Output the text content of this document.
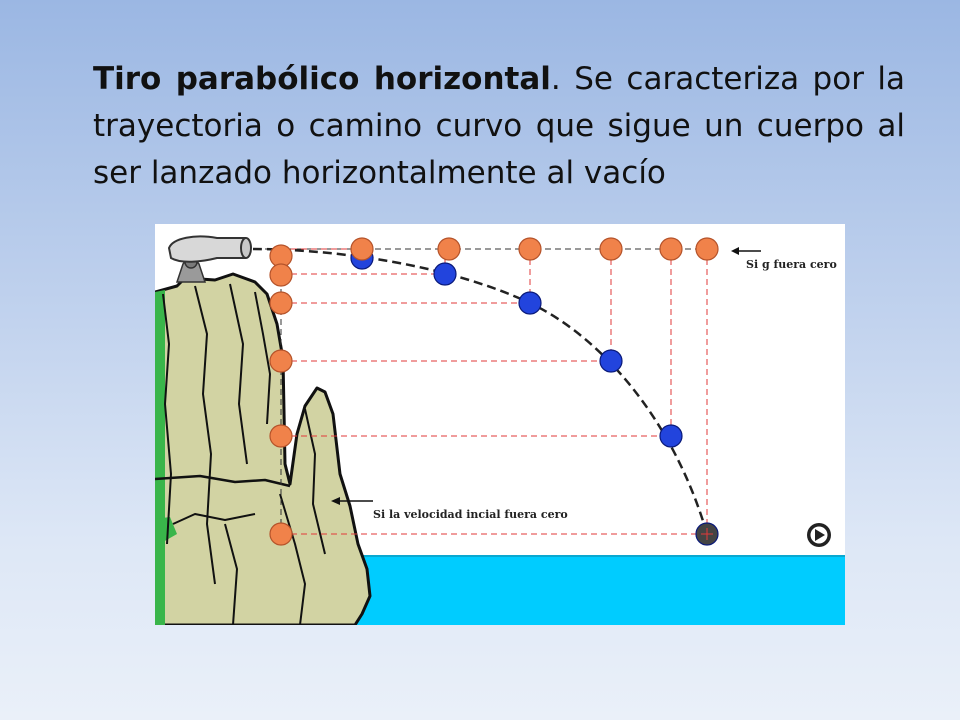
Tiro parabólico horizontal. Se caracteriza por la trayectoria o camino curvo que sigue un cuerpo al ser lanzado horizontalmente al vacío
Si g fuera cero
Si la velocidad incial fuera cero
